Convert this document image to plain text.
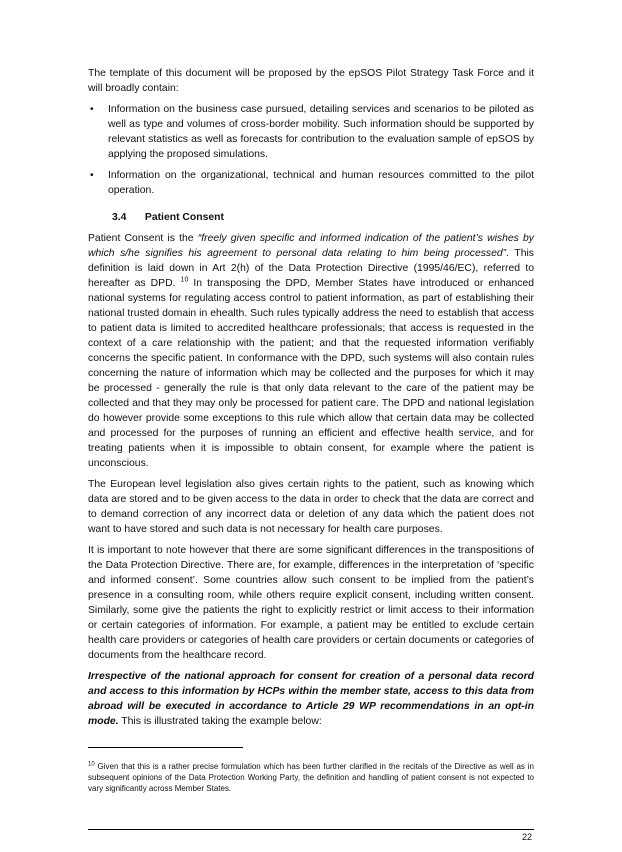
The template of this document will be proposed by the epSOS Pilot Strategy Task Force and it will broadly contain:

• Information on the business case pursued, detailing services and scenarios to be piloted as well as type and volumes of cross-border mobility. Such information should be supported by relevant statistics as well as forecasts for contribution to the evaluation sample of epSOS by applying the proposed simulations.
• Information on the organizational, technical and human resources committed to the pilot operation.
3.4 Patient Consent

Patient Consent is the “freely given specific and informed indication of the patient’s wishes by which s/he signifies his agreement to personal data relating to him being processed”. This definition is laid down in Art 2(h) of the Data Protection Directive (1995/46/EC), referred to hereafter as DPD. $^{10}$ In transposing the DPD, Member States have introduced or enhanced national systems for regulating access control to patient information, as part of establishing their national trusted domain in ehealth. Such rules typically address the need to establish that access to patient data is limited to accredited healthcare professionals; that access is requested in the context of a care relationship with the patient; and that the requested information verifiably concerns the specific patient. In conformance with the DPD, such systems will also contain rules concerning the nature of information which may be collected and the purposes for which it may be processed - generally the rule is that only data relevant to the care of the patient may be collected and that they may only be processed for patient care. The DPD and national legislation do however provide some exceptions to this rule which allow that certain data may be collected and processed for the purposes of running an efficient and effective health service, and for treating patients when it is impossible to obtain consent, for example where the patient is unconscious.

The European level legislation also gives certain rights to the patient, such as knowing which data are stored and to be given access to the data in order to check that the data are correct and to demand correction of any incorrect data or deletion of any data which the patient does not want to have stored and such data is not necessary for health care purposes.

It is important to note however that there are some significant differences in the transpositions of the Data Protection Directive. There are, for example, differences in the interpretation of ‘specific and informed consent’. Some countries allow such consent to be implied from the patient’s presence in a consulting room, while others require explicit consent, including written consent. Similarly, some give the patients the right to explicitly restrict or limit access to their information or certain categories of information. For example, a patient may be entitled to exclude certain health care providers or categories of health care providers or certain documents or categories of documents from the healthcare record.

Irrespective of the national approach for consent for creation of a personal data record and access to this information by HCPs within the member state, access to this data from abroad will be executed in accordance to Article 29 WP recommendations in an opt-in mode. This is illustrated taking the example below:

$^{10}$ Given that this is a rather precise formulation which has been further clarified in the recitals of the Directive as well as in subsequent opinions of the Data Protection Working Party, the definition and handling of patient consent is not expected to vary significantly across Member States.
22
